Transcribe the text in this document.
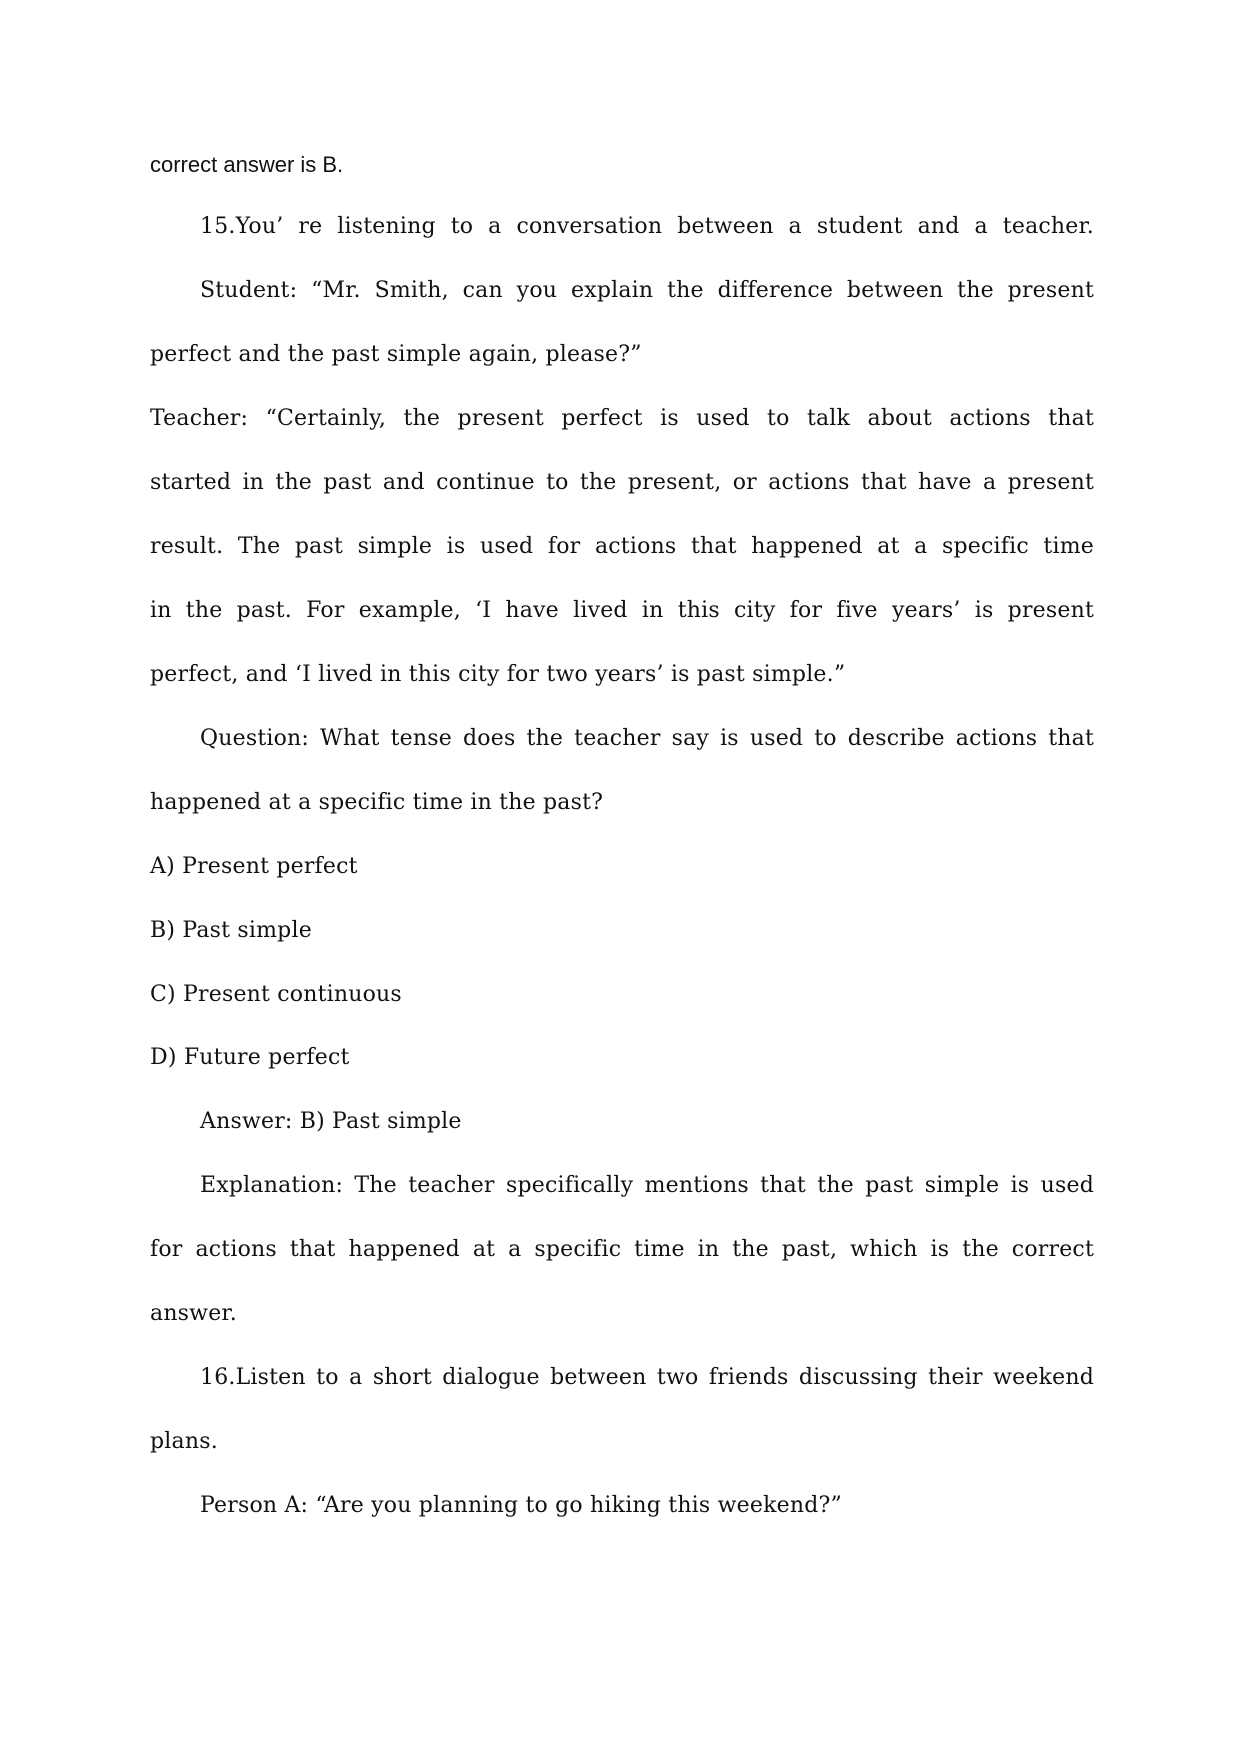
correct answer is B.
15.You’ re listening to a conversation between a student and a teacher.
Student: “Mr. Smith, can you explain the difference between the present
perfect and the past simple again, please?”
Teacher: “Certainly, the present perfect is used to talk about actions that
started in the past and continue to the present, or actions that have a present
result. The past simple is used for actions that happened at a specific time
in the past. For example, ‘I have lived in this city for five years’ is present
perfect, and ‘I lived in this city for two years’ is past simple.”
Question: What tense does the teacher say is used to describe actions that
happened at a specific time in the past?
A) Present perfect
B) Past simple
C) Present continuous
D) Future perfect
Answer: B) Past simple
Explanation: The teacher specifically mentions that the past simple is used
for actions that happened at a specific time in the past, which is the correct
answer.
16.Listen to a short dialogue between two friends discussing their weekend
plans.
Person A: “Are you planning to go hiking this weekend?”
